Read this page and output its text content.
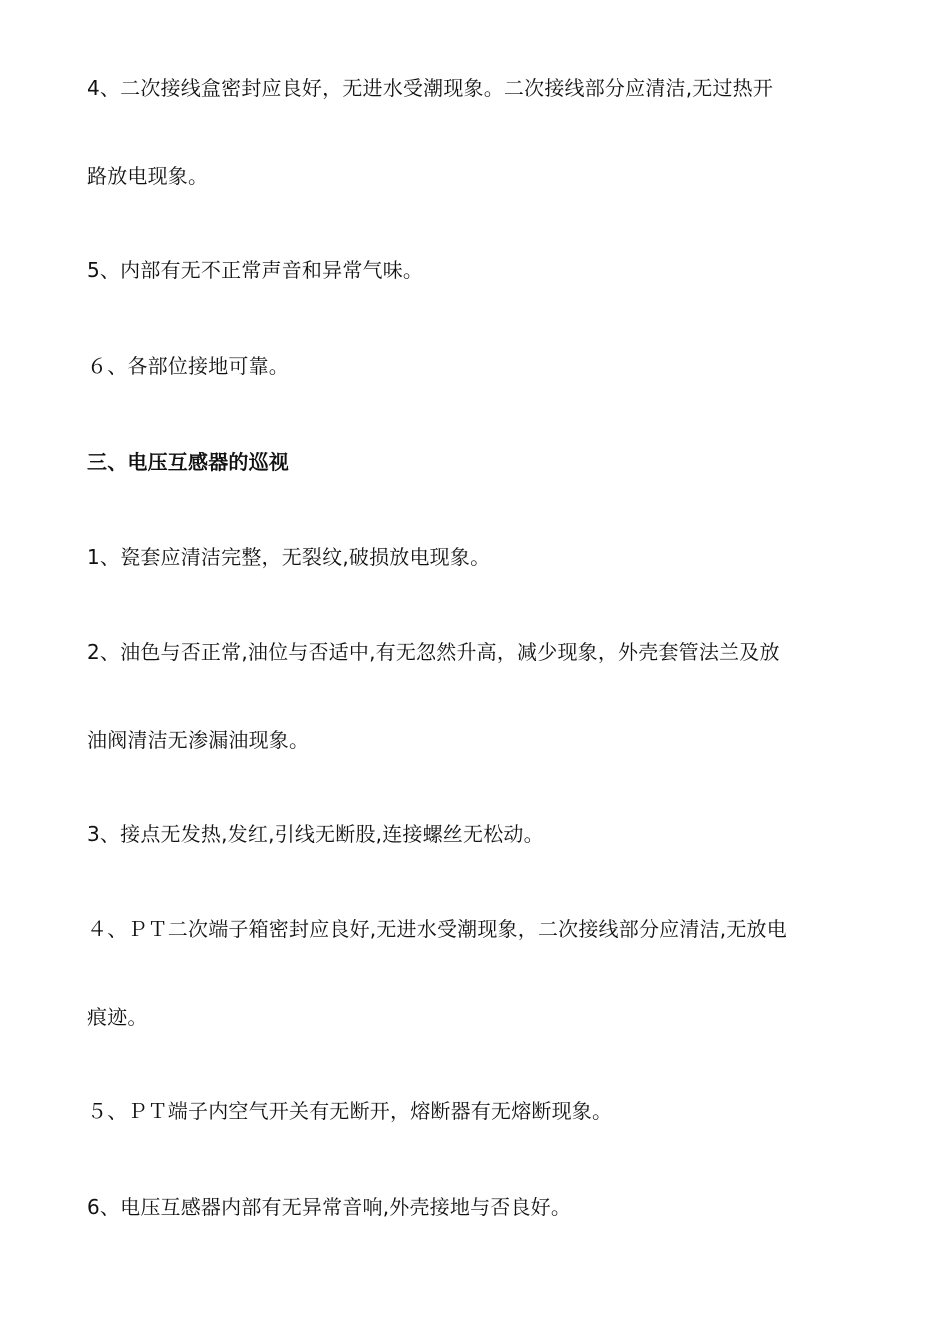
4、二次接线盒密封应良好，无进水受潮现象。二次接线部分应清洁,无过热开
路放电现象。
5、内部有无不正常声音和异常气味。
６、各部位接地可靠。
三、电压互感器的巡视
1、瓷套应清洁完整，无裂纹,破损放电现象。
2、油色与否正常,油位与否适中,有无忽然升高，减少现象，外壳套管法兰及放
油阀清洁无渗漏油现象。
3、接点无发热,发红,引线无断股,连接螺丝无松动。
４、ＰＴ二次端子箱密封应良好,无进水受潮现象，二次接线部分应清洁,无放电
痕迹。
５、ＰＴ端子内空气开关有无断开，熔断器有无熔断现象。
6、电压互感器内部有无异常音响,外壳接地与否良好。
